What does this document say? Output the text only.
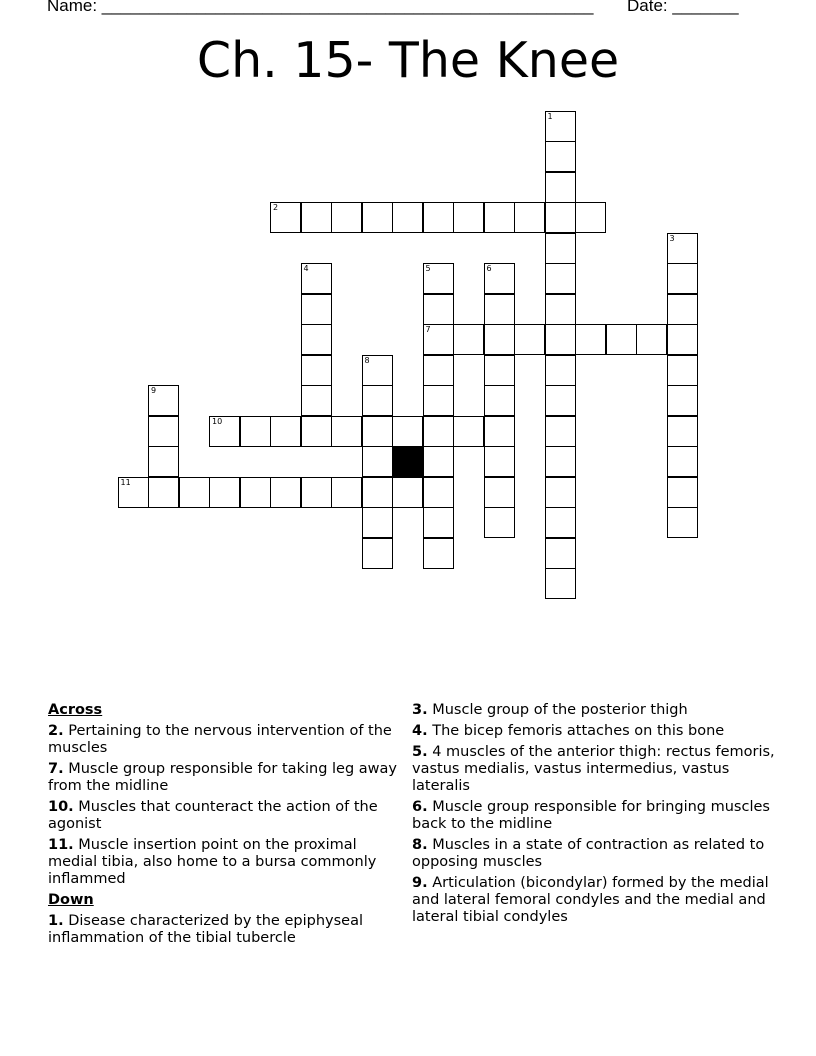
Name: ____________________________________________________ Date: _______
Ch. 15- The Knee
1
2
3
4	5
7
6
8
9
10
11
Across
2. Pertaining to the nervous intervention of the muscles
7. Muscle group responsible for taking leg away from the midline
10. Muscles that counteract the action of the agonist
11. Muscle insertion point on the proximal medial tibia, also home to a bursa commonly inflammed
Down
1. Disease characterized by the epiphyseal inflammation of the tibial tubercle
3. Muscle group of the posterior thigh
4. The bicep femoris attaches on this bone
5. 4 muscles of the anterior thigh: rectus femoris, vastus medialis, vastus intermedius, vastus lateralis
6. Muscle group responsible for bringing muscles back to the midline
8. Muscles in a state of contraction as related to opposing muscles
9. Articulation (bicondylar) formed by the medial and lateral femoral condyles and the medial and lateral tibial condyles
